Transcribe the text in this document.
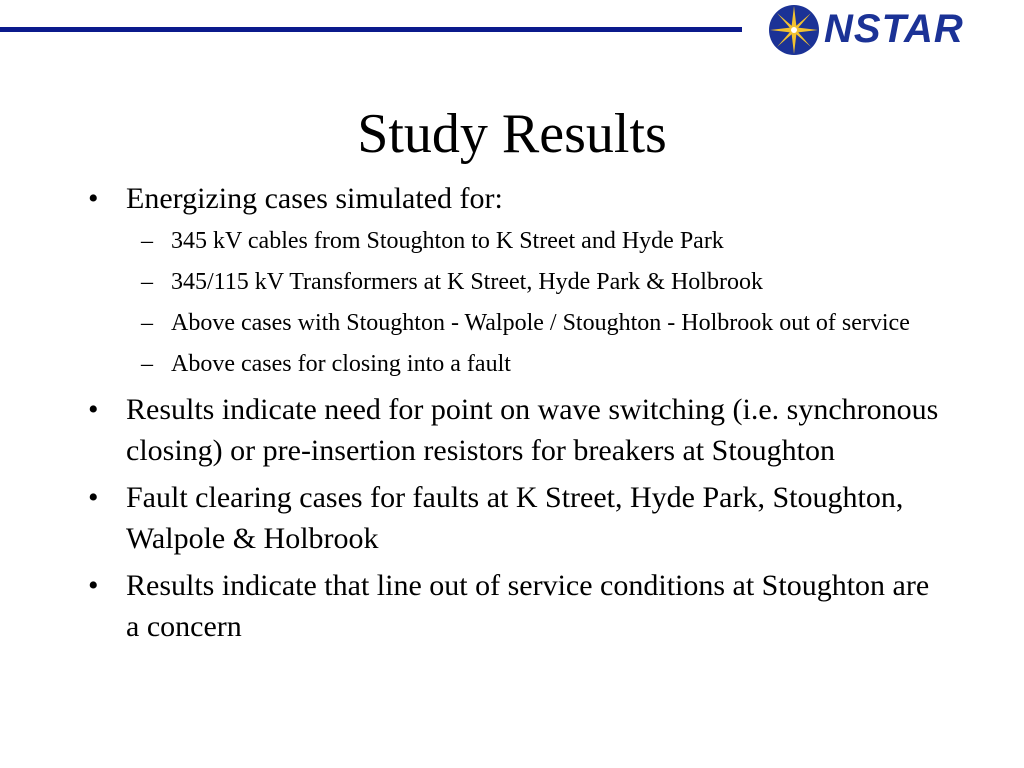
NSTAR
Study Results
• Energizing cases simulated for:
– 345 kV cables from Stoughton to K Street and Hyde Park
– 345/115 kV Transformers at K Street, Hyde Park & Holbrook
– Above cases with Stoughton - Walpole / Stoughton - Holbrook out of service
– Above cases for closing into a fault
• Results indicate need for point on wave switching (i.e. synchronous closing) or pre-insertion resistors for breakers at Stoughton
• Fault clearing cases for faults at K Street, Hyde Park, Stoughton, Walpole & Holbrook
• Results indicate that line out of service conditions at Stoughton are a concern
